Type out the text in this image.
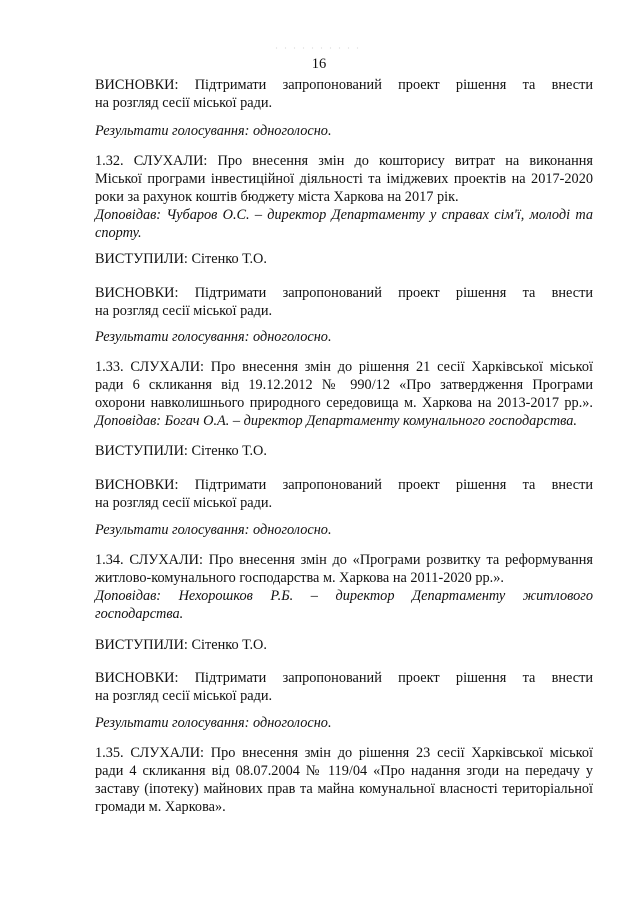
16
ВИСНОВКИ: Підтримати запропонований проект рішення та внести
на розгляд сесії міської ради.
Результати голосування: одноголосно.
1.32. СЛУХАЛИ: Про внесення змін до кошторису витрат на виконання
Міської програми інвестиційної діяльності та іміджевих проектів на 2017-2020
роки за рахунок коштів бюджету міста Харкова на 2017 рік.
Доповідав: Чубаров О.С. – директор Департаменту у справах сім'ї, молоді та
спорту.
ВИСТУПИЛИ: Сітенко Т.О.
ВИСНОВКИ: Підтримати запропонований проект рішення та внести
на розгляд сесії міської ради.
Результати голосування: одноголосно.
1.33. СЛУХАЛИ: Про внесення змін до рішення 21 сесії Харківської міської
ради 6 скликання від 19.12.2012 № 990/12 «Про затвердження Програми
охорони навколишнього природного середовища м. Харкова на 2013-2017 рр.».
Доповідав: Богач О.А. – директор Департаменту комунального господарства.
ВИСТУПИЛИ: Сітенко Т.О.
ВИСНОВКИ: Підтримати запропонований проект рішення та внести
на розгляд сесії міської ради.
Результати голосування: одноголосно.
1.34. СЛУХАЛИ: Про внесення змін до «Програми розвитку та реформування
житлово-комунального господарства м. Харкова на 2011-2020 рр.».
Доповідав: Нехорошков Р.Б. – директор Департаменту житлового
господарства.
ВИСТУПИЛИ: Сітенко Т.О.
ВИСНОВКИ: Підтримати запропонований проект рішення та внести
на розгляд сесії міської ради.
Результати голосування: одноголосно.
1.35. СЛУХАЛИ: Про внесення змін до рішення 23 сесії Харківської міської
ради 4 скликання від 08.07.2004 № 119/04 «Про надання згоди на передачу у
заставу (іпотеку) майнових прав та майна комунальної власності територіальної
громади м. Харкова».
